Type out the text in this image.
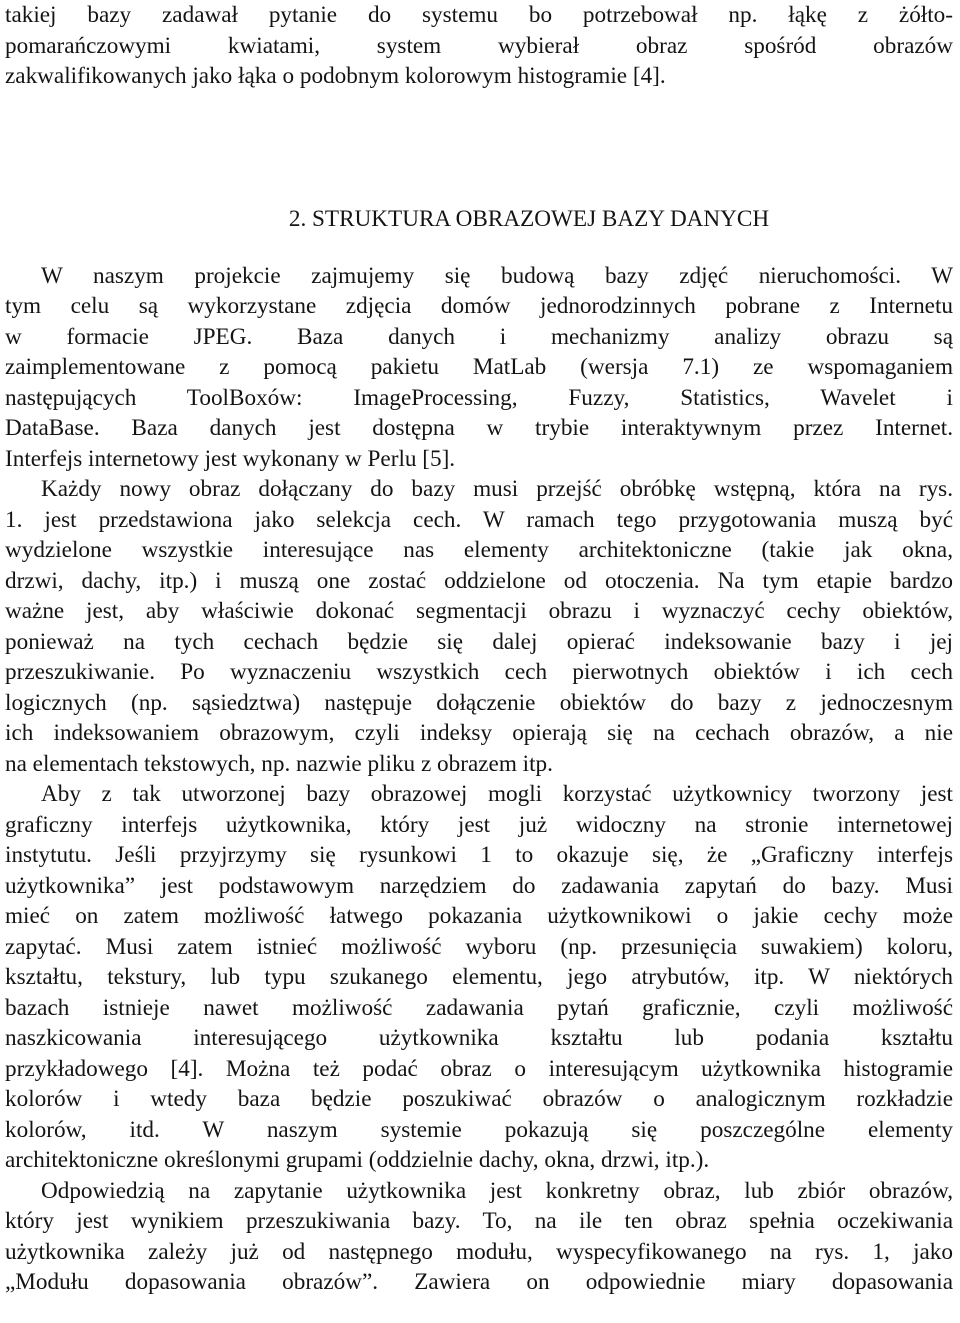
takiej bazy zadawał pytanie do systemu bo potrzebował np. łąkę z żółto-
pomarańczowymi kwiatami, system wybierał obraz spośród obrazów
zakwalifikowanych jako łąka o podobnym kolorowym histogramie [4].
2. STRUKTURA OBRAZOWEJ BAZY DANYCH
W naszym projekcie zajmujemy się budową bazy zdjęć nieruchomości. W
tym celu są wykorzystane zdjęcia domów jednorodzinnych pobrane z Internetu
w formacie JPEG. Baza danych i mechanizmy analizy obrazu są
zaimplementowane z pomocą pakietu MatLab (wersja 7.1) ze wspomaganiem
następujących ToolBoxów: ImageProcessing, Fuzzy, Statistics, Wavelet i
DataBase. Baza danych jest dostępna w trybie interaktywnym przez Internet.
Interfejs internetowy jest wykonany w Perlu [5].
Każdy nowy obraz dołączany do bazy musi przejść obróbkę wstępną, która na rys.
1. jest przedstawiona jako selekcja cech. W ramach tego przygotowania muszą być
wydzielone wszystkie interesujące nas elementy architektoniczne (takie jak okna,
drzwi, dachy, itp.) i muszą one zostać oddzielone od otoczenia. Na tym etapie bardzo
ważne jest, aby właściwie dokonać segmentacji obrazu i wyznaczyć cechy obiektów,
ponieważ na tych cechach będzie się dalej opierać indeksowanie bazy i jej
przeszukiwanie. Po wyznaczeniu wszystkich cech pierwotnych obiektów i ich cech
logicznych (np. sąsiedztwa) następuje dołączenie obiektów do bazy z jednoczesnym
ich indeksowaniem obrazowym, czyli indeksy opierają się na cechach obrazów, a nie
na elementach tekstowych, np. nazwie pliku z obrazem itp.
Aby z tak utworzonej bazy obrazowej mogli korzystać użytkownicy tworzony jest
graficzny interfejs użytkownika, który jest już widoczny na stronie internetowej
instytutu. Jeśli przyjrzymy się rysunkowi 1 to okazuje się, że „Graficzny interfejs
użytkownika” jest podstawowym narzędziem do zadawania zapytań do bazy. Musi
mieć on zatem możliwość łatwego pokazania użytkownikowi o jakie cechy może
zapytać. Musi zatem istnieć możliwość wyboru (np. przesunięcia suwakiem) koloru,
kształtu, tekstury, lub typu szukanego elementu, jego atrybutów, itp. W niektórych
bazach istnieje nawet możliwość zadawania pytań graficznie, czyli możliwość
naszkicowania interesującego użytkownika kształtu lub podania kształtu
przykładowego [4]. Można też podać obraz o interesującym użytkownika histogramie
kolorów i wtedy baza będzie poszukiwać obrazów o analogicznym rozkładzie
kolorów, itd. W naszym systemie pokazują się poszczególne elementy
architektoniczne określonymi grupami (oddzielnie dachy, okna, drzwi, itp.).
Odpowiedzią na zapytanie użytkownika jest konkretny obraz, lub zbiór obrazów,
który jest wynikiem przeszukiwania bazy. To, na ile ten obraz spełnia oczekiwania
użytkownika zależy już od następnego modułu, wyspecyfikowanego na rys. 1, jako
„Modułu dopasowania obrazów”. Zawiera on odpowiednie miary dopasowania
